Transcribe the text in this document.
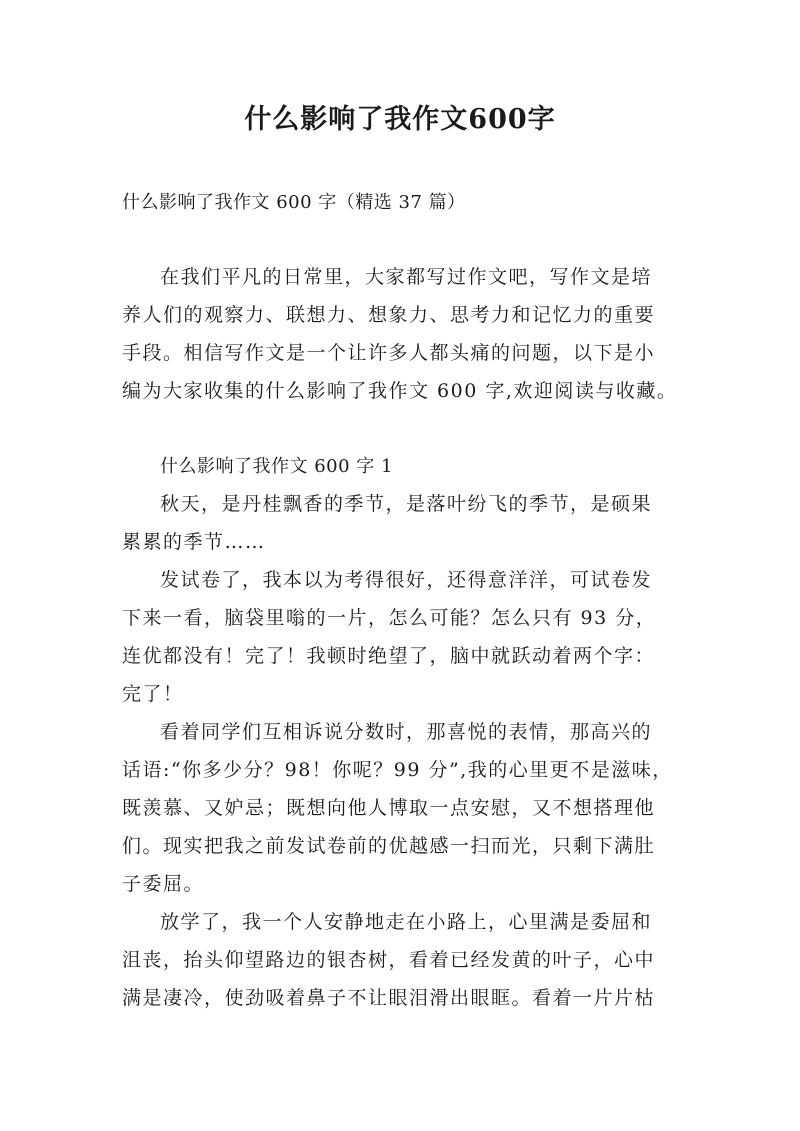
什么影响了我作文600字
什么影响了我作文 600 字（精选 37 篇）
在我们平凡的日常里，大家都写过作文吧，写作文是培
养人们的观察力、联想力、想象力、思考力和记忆力的重要
手段。相信写作文是一个让许多人都头痛的问题，以下是小
编为大家收集的什么影响了我作文 600 字,欢迎阅读与收藏。
什么影响了我作文 600 字 1
秋天，是丹桂飘香的季节，是落叶纷飞的季节，是硕果
累累的季节……
发试卷了，我本以为考得很好，还得意洋洋，可试卷发
下来一看，脑袋里嗡的一片，怎么可能？怎么只有 93 分，
连优都没有！完了！我顿时绝望了，脑中就跃动着两个字：
完了！
看着同学们互相诉说分数时，那喜悦的表情，那高兴的
话语:“你多少分？98！你呢？99 分”,我的心里更不是滋味，
既羡慕、又妒忌；既想向他人博取一点安慰，又不想搭理他
们。现实把我之前发试卷前的优越感一扫而光，只剩下满肚
子委屈。
放学了，我一个人安静地走在小路上，心里满是委屈和
沮丧，抬头仰望路边的银杏树，看着已经发黄的叶子，心中
满是凄冷，使劲吸着鼻子不让眼泪滑出眼眶。看着一片片枯
